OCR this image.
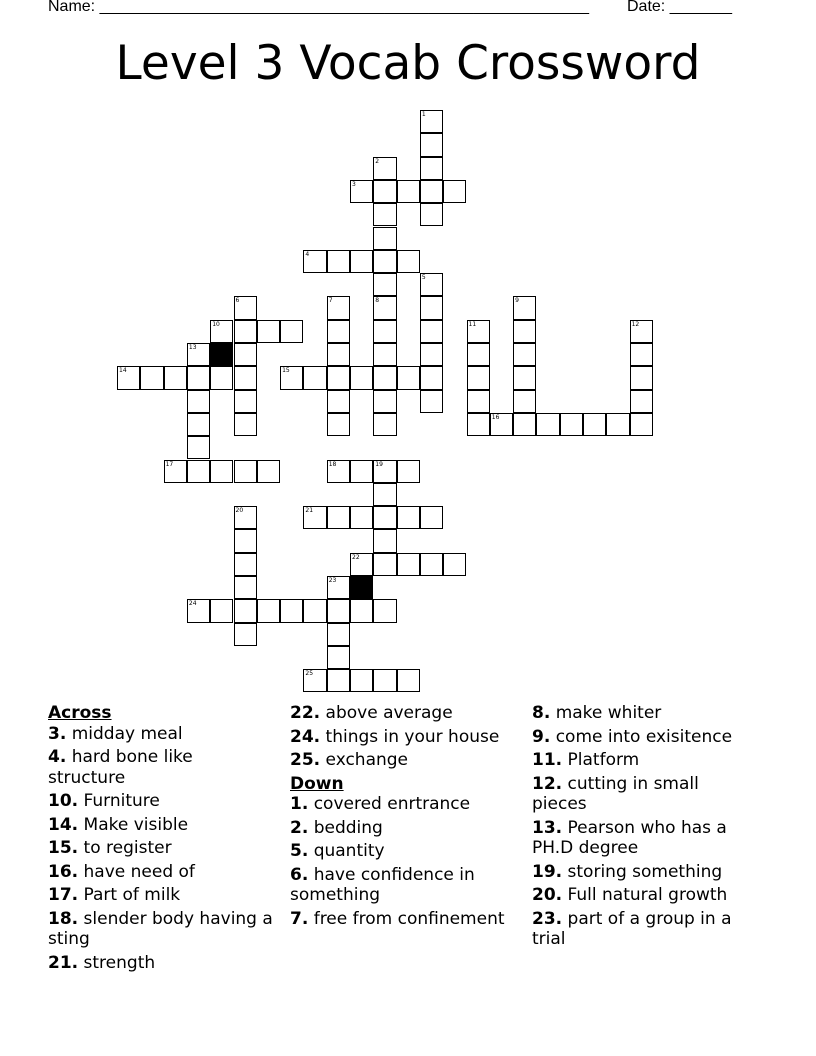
Name: _______________________________________________________ Date: _______
Level 3 Vocab Crossword
1
2
3
4
5
6	7	8	9
10	11	12
13
14	15
16
17	18	19
20	21
22
23
24
25
Across
3. midday meal
4. hard bone like structure
10. Furniture
14. Make visible
15. to register
16. have need of
17. Part of milk
18. slender body having a sting
21. strength
22. above average
24. things in your house
25. exchange
Down
1. covered enrtrance
2. bedding
5. quantity
6. have confidence in something
7. free from confinement
8. make whiter
9. come into exisitence
11. Platform
12. cutting in small pieces
13. Pearson who has a PH.D degree
19. storing something
20. Full natural growth
23. part of a group in a trial
